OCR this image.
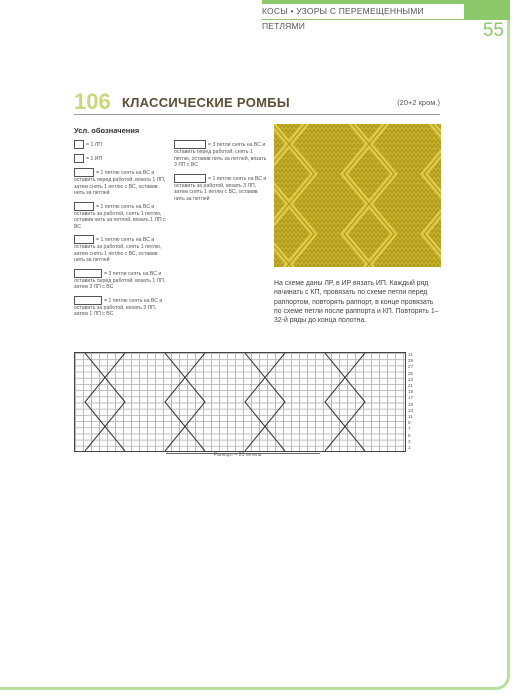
КОСЫ • УЗОРЫ С ПЕРЕМЕЩЕННЫМИ ПЕТЛЯМИ	55
106 КЛАССИЧЕСКИЕ РОМБЫ	(20+2 кром.)
Усл. обозначения
= 1 ЛП
= 1 ИП
= 1 петлю снять на ВС и оставить перед работой, вязать 1 ЛП, затем снять 1 петлю с ВС, оставив нить за петлей
= 1 петлю снять на ВС и оставить за работой, снять 1 петлю, оставив нить за петлей, вязать 1 ЛП с ВС
= 1 петлю снять на ВС и оставить за работой, снять 1 петлю, затем снять 1 петлю с ВС, оставив нить за петлей
= 3 петли снять на ВС и оставить перед работой, вязать 1 ЛП, затем 3 ЛП с ВС
= 1 петлю снять на ВС и оставить за работой, вязать 3 ЛП, затем 1 ЛП с ВС
= 3 петли снять на ВС и оставить перед работой, снять 1 петлю, оставив нить за петлей, вязать 3 ЛП с ВС
= 1 петлю снять на ВС и оставить за работой, вязать 3 ЛП, затем снять 1 петлю с ВС, оставив нить за петлей
На схеме даны ЛР, в ИР вязать ИП. Каждый ряд начинать с КП, провязать по схеме петли перед раппортом, повторять раппорт, в конце провязать по схеме петли после раппорта и КП. Повторять 1–32-й ряды до конца полотна.
31
29
27
25
23
21
19
17
15
13
11
9
7
5
3
1
Раппорт = 20 петель
